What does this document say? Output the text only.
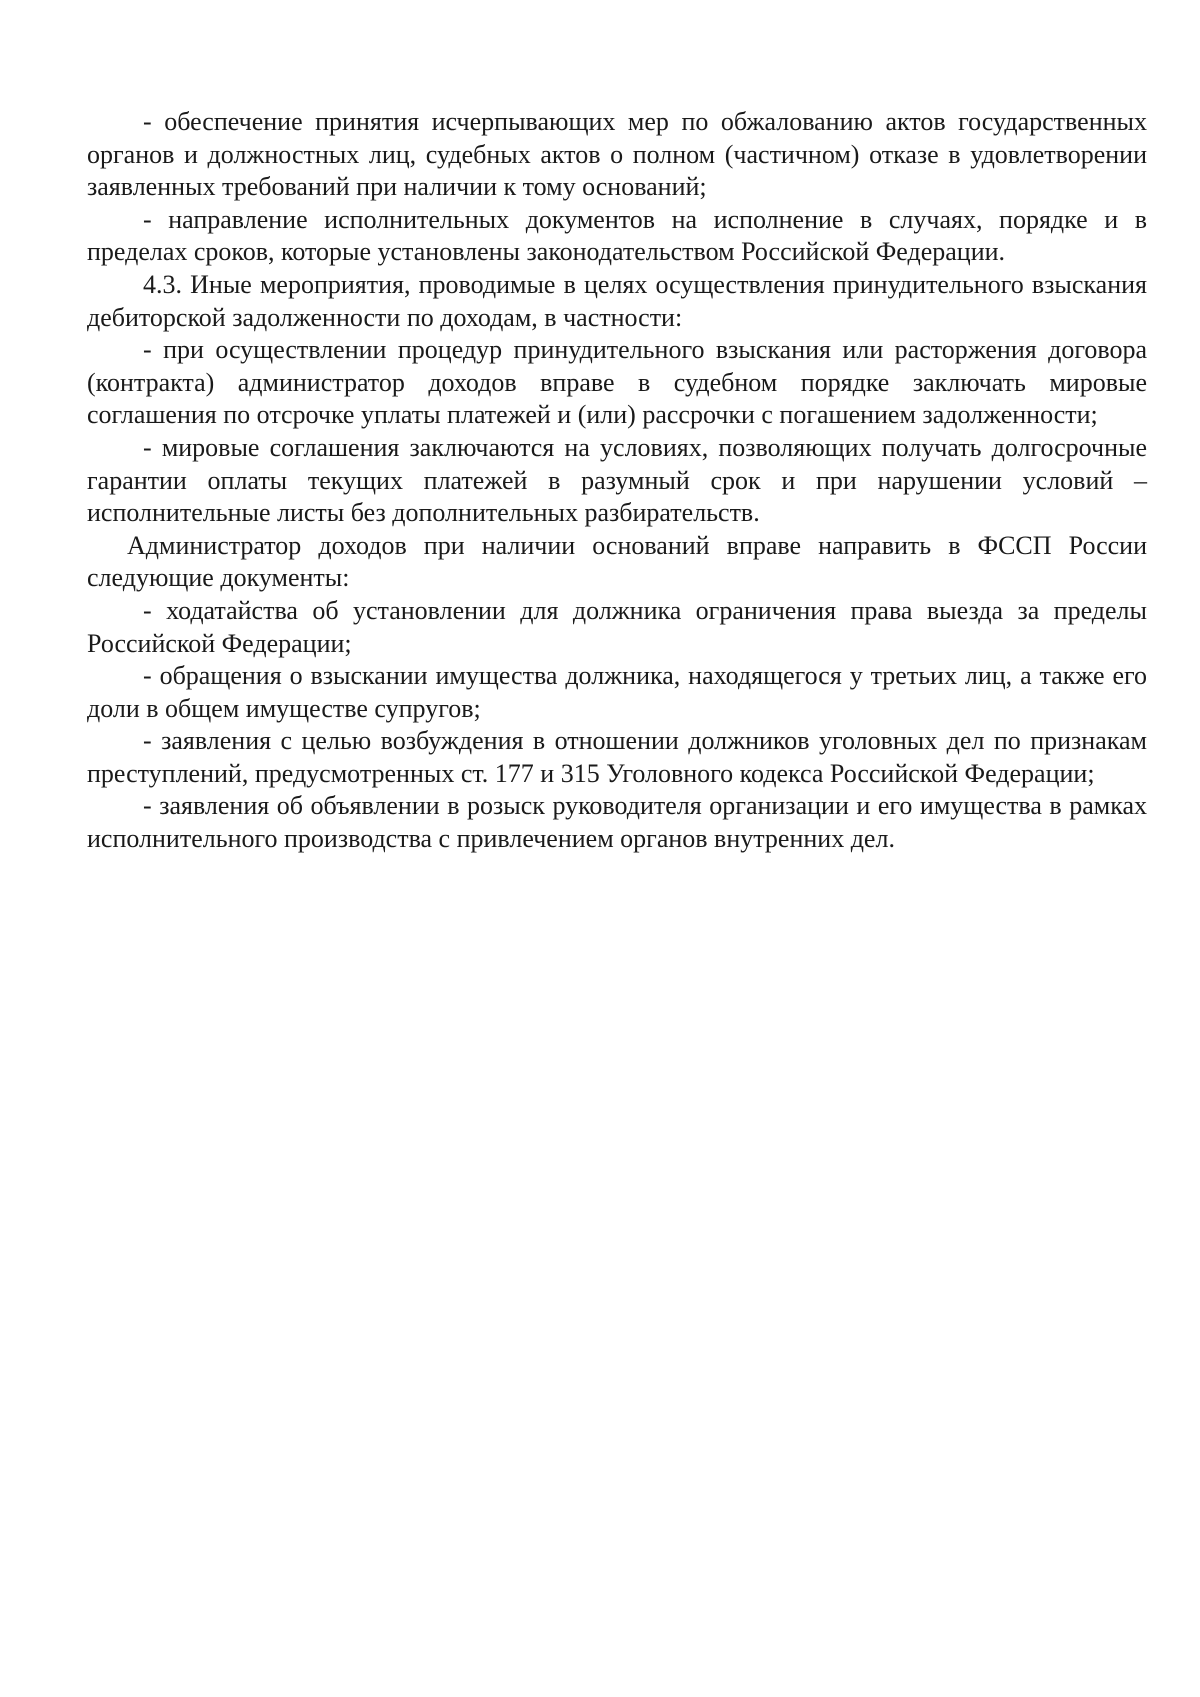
- обеспечение принятия исчерпывающих мер по обжалованию актов государственных органов и должностных лиц, судебных актов о полном (частичном) отказе в удовлетворении заявленных требований при наличии к тому оснований;

- направление исполнительных документов на исполнение в случаях, порядке и в пределах сроков, которые установлены законодательством Российской Федерации.

4.3. Иные мероприятия, проводимые в целях осуществления принудительного взыскания дебиторской задолженности по доходам, в частности:

- при осуществлении процедур принудительного взыскания или расторжения договора (контракта) администратор доходов вправе в судебном порядке заключать мировые соглашения по отсрочке уплаты платежей и (или) рассрочки с погашением задолженности;

- мировые соглашения заключаются на условиях, позволяющих получать долгосрочные гарантии оплаты текущих платежей в разумный срок и при нарушении условий – исполнительные листы без дополнительных разбирательств.

Администратор доходов при наличии оснований вправе направить в ФССП России следующие документы:

- ходатайства об установлении для должника ограничения права выезда за пределы Российской Федерации;

- обращения о взыскании имущества должника, находящегося у третьих лиц, а также его доли в общем имуществе супругов;

- заявления с целью возбуждения в отношении должников уголовных дел по признакам преступлений, предусмотренных ст. 177 и 315 Уголовного кодекса Российской Федерации;

- заявления об объявлении в розыск руководителя организации и его имущества в рамках исполнительного производства с привлечением органов внутренних дел.
